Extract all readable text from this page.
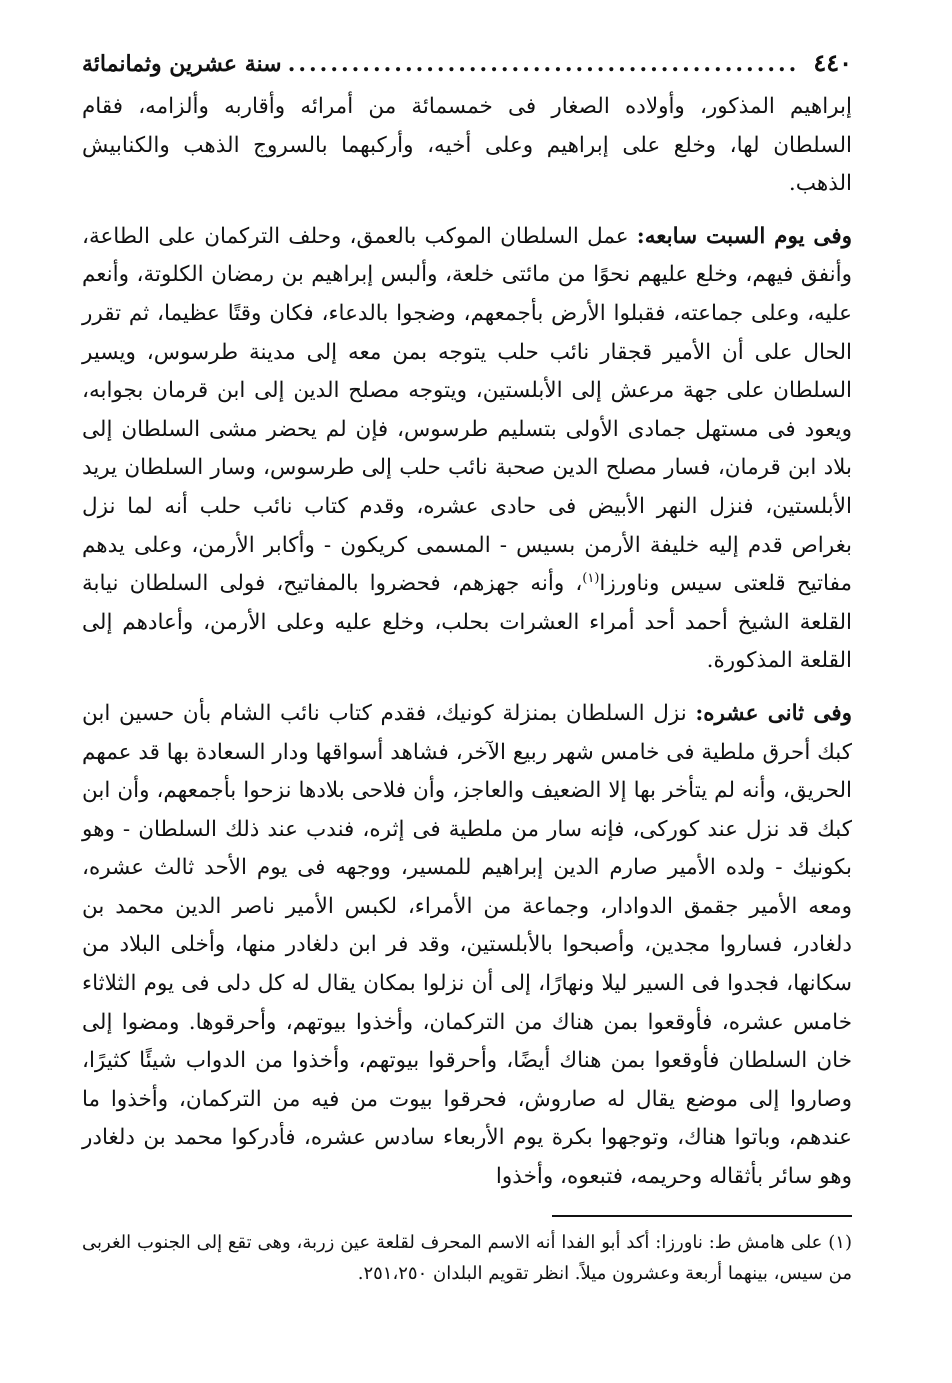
٤٤٠
.....
سنة عشرين وثمانمائة

إبراهيم المذكور، وأولاده الصغار فى خمسمائة من أمرائه وأقاربه وألزامه، فقام السلطان لها، وخلع على إبراهيم وعلى أخيه، وأركبهما بالسروج الذهب والكنابيش الذهب.

وفى يوم السبت سابعه: عمل السلطان الموكب بالعمق، وحلف التركمان على الطاعة، وأنفق فيهم، وخلع عليهم نحوًا من مائتى خلعة، وألبس إبراهيم بن رمضان الكلوتة، وأنعم عليه، وعلى جماعته، فقبلوا الأرض بأجمعهم، وضجوا بالدعاء، فكان وقتًا عظيما، ثم تقرر الحال على أن الأمير قجقار نائب حلب يتوجه بمن معه إلى مدينة طرسوس، ويسير السلطان على جهة مرعش إلى الأبلستين، ويتوجه مصلح الدين إلى ابن قرمان بجوابه، ويعود فى مستهل جمادى الأولى بتسليم طرسوس، فإن لم يحضر مشى السلطان إلى بلاد ابن قرمان، فسار مصلح الدين صحبة نائب حلب إلى طرسوس، وسار السلطان يريد الأبلستين، فنزل النهر الأبيض فى حادى عشره، وقدم كتاب نائب حلب أنه لما نزل بغراص قدم إليه خليفة الأرمن بسيس - المسمى كريكون - وأكابر الأرمن، وعلى يدهم مفاتيح قلعتى سيس وناورزا$^{(١)}$، وأنه جهزهم، فحضروا بالمفاتيح، فولى السلطان نيابة القلعة الشيخ أحمد أحد أمراء العشرات بحلب، وخلع عليه وعلى الأرمن، وأعادهم إلى القلعة المذكورة.

وفى ثانى عشره: نزل السلطان بمنزلة كونيك، فقدم كتاب نائب الشام بأن حسين ابن كبك أحرق ملطية فى خامس شهر ربيع الآخر، فشاهد أسواقها ودار السعادة بها قد عمهم الحريق، وأنه لم يتأخر بها إلا الضعيف والعاجز، وأن فلاحى بلادها نزحوا بأجمعهم، وأن ابن كبك قد نزل عند كوركى، فإنه سار من ملطية فى إثره، فندب عند ذلك السلطان - وهو بكونيك - ولده الأمير صارم الدين إبراهيم للمسير، ووجهه فى يوم الأحد ثالث عشره، ومعه الأمير جقمق الدوادار، وجماعة من الأمراء، لكبس الأمير ناصر الدين محمد بن دلغادر، فساروا مجدين، وأصبحوا بالأبلستين، وقد فر ابن دلغادر منها، وأخلى البلاد من سكانها، فجدوا فى السير ليلا ونهارًا، إلى أن نزلوا بمكان يقال له كل دلى فى يوم الثلاثاء خامس عشره، فأوقعوا بمن هناك من التركمان، وأخذوا بيوتهم، وأحرقوها. ومضوا إلى خان السلطان فأوقعوا بمن هناك أيضًا، وأحرقوا بيوتهم، وأخذوا من الدواب شيئًا كثيرًا، وصاروا إلى موضع يقال له صاروش، فحرقوا بيوت من فيه من التركمان، وأخذوا ما عندهم، وباتوا هناك، وتوجهوا بكرة يوم الأربعاء سادس عشره، فأدركوا محمد بن دلغادر وهو سائر بأثقاله وحريمه، فتبعوه، وأخذوا

(١) على هامش ط: ناورزا: أكد أبو الفدا أنه الاسم المحرف لقلعة عين زربة، وهى تقع إلى الجنوب الغربى من سيس، بينهما أربعة وعشرون ميلاً. انظر تقويم البلدان ٢٥١،٢٥٠.
